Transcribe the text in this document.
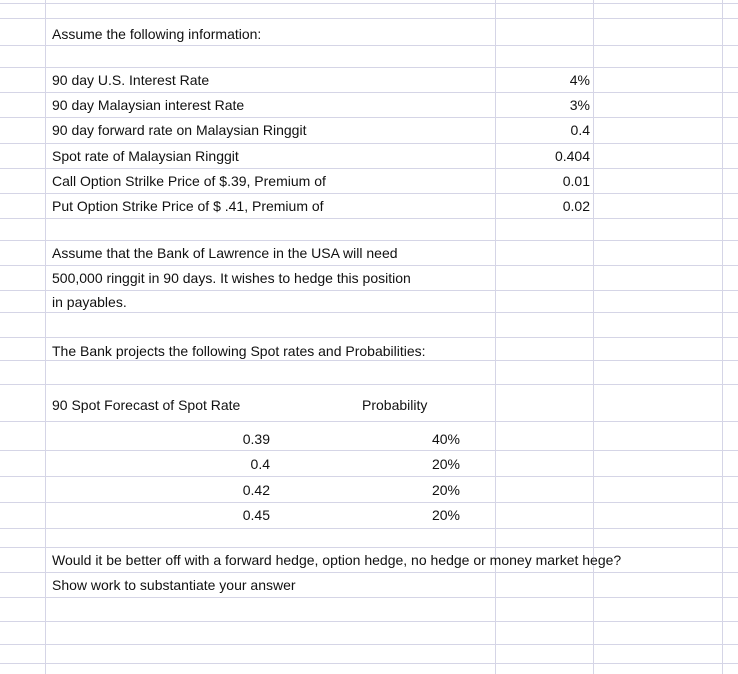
Assume the following information:
90 day U.S. Interest Rate	4%
90 day Malaysian interest Rate	3%
90 day forward rate on Malaysian Ringgit	0.4
Spot rate of Malaysian Ringgit	0.404
Call Option Strilke Price of $.39, Premium of	0.01
Put Option Strike Price of $ .41, Premium of	0.02
Assume that the Bank of Lawrence in the USA will need
500,000 ringgit in 90 days. It wishes to hedge this position
in payables.
The Bank projects the following Spot rates and Probabilities:
90 Spot Forecast of Spot Rate	Probability
0.39	40%
0.4	20%
0.42	20%
0.45	20%
Would it be better off with a forward hedge, option hedge, no hedge or money market hege?
Show work to substantiate your answer
